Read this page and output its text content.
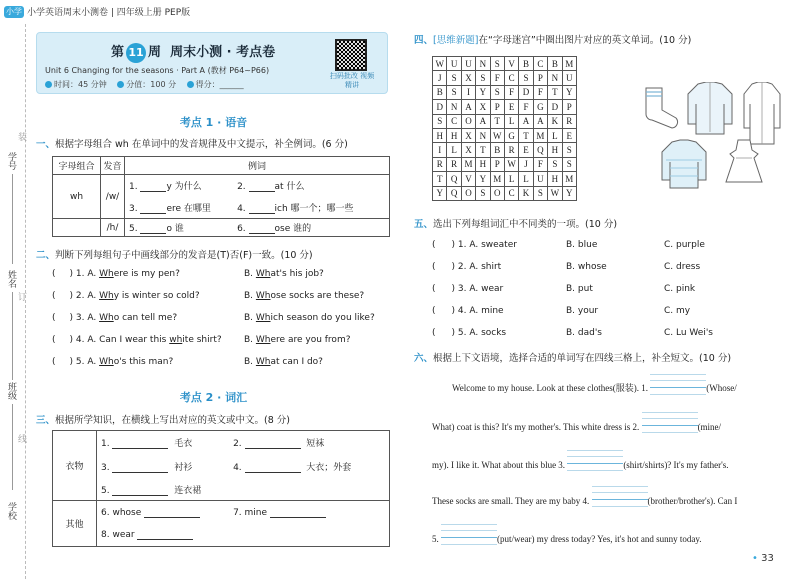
小学 小学英语周末小测卷 | 四年级上册 PEP版
学号
姓名
班级
学校
装
订
线
第 11 周 周末小测 · 考点卷
Unit 6 Changing for the seasons · Part A (教材 P64~P66)
时间：45 分钟 分值：100 分 得分：______
扫码批改 视频精讲
考点 1 · 语音
一、根据字母组合 wh 在单词中的发音规律及中文提示，补全例词。(6 分)
字母组合	发音	例词	
wh	/w/	1. y 为什么	2. at 什么
		3. ere 在哪里	4. ich 哪一个；哪一些
	/h/	5. o 谁	6. ose 谁的
二、判断下列每组句子中画线部分的发音是(T)否(F)一致。(10 分)
( ) 1. A. Where is my pen?	B. What's his job?
( ) 2. A. Why is winter so cold?	B. Whose socks are these?
( ) 3. A. Who can tell me?	B. Which season do you like?
( ) 4. A. Can I wear this white shirt? B. Where are you from?
( ) 5. A. Who's this man?	B. What can I do?
考点 2 · 词汇
三、根据所学知识，在横线上写出对应的英文或中文。(8 分)
衣物	1. 毛衣	2. 短袜
	3. 衬衫	4. 大衣；外套
	5. 连衣裙	
其他	6. whose	7. mine
	8. wear	
四、[思维新题]在“字母迷宫”中圈出图片对应的英文单词。(10 分)
W	U	U	N	S	V	B	C	B	M
J	S	X	S	F	C	S	P	N	U
B	S	I	Y	S	F	D	F	T	Y
D	N	A	X	P	E	F	G	D	P
S	C	O	A	T	L	A	A	K	R
H	H	X	N	W	G	T	M	L	E
I	L	X	T	B	R	E	Q	H	S
R	R	M	H	P	W	J	F	S	S
T	Q	V	Y	M	L	L	U	H	M
Y	Q	O	S	O	C	K	S	W	Y
五、选出下列每组词汇中不同类的一项。(10 分)
( ) 1. A. sweater	B. blue	C. purple
( ) 2. A. shirt	B. whose	C. dress
( ) 3. A. wear	B. put	C. pink
( ) 4. A. mine	B. your	C. my
( ) 5. A. socks	B. dad's	C. Lu Wei's
六、根据上下文语境，选择合适的单词写在四线三格上，补全短文。(10 分)
Welcome to my house. Look at these clothes(服装). 1.	(Whose/
What) coat is this? It's my mother's. This white dress is 2.	(mine/
my). I like it. What about this blue 3.	(shirt/shirts)? It's my father's.
These socks are small. They are my baby 4.	(brother/brother's). Can I
5.	(put/wear) my dress today? Yes, it's hot and sunny today.
• 33
